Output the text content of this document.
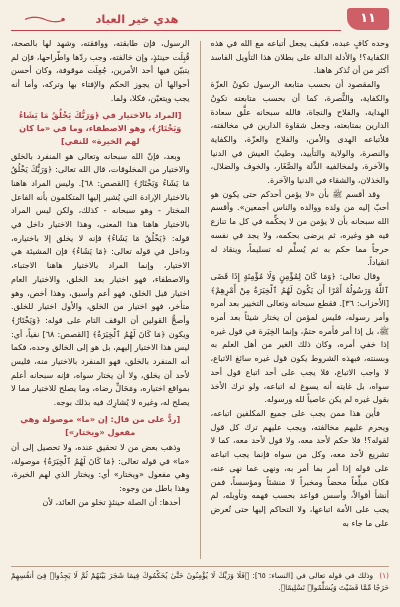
١١
هدي خير العباد

وحده كافٍ عبده، فكيف يجعل أتباعه مع الله في هذه الكفاية؟! والأدلة الدالة على بطلان هذا التأويل الفاسد أكثر من أن تُذكر هاهنا.

والمقصود أن بحسب متابعة الرسول تكونُ العزّة والكفاية، والنُّصرة، كما أن بحسب متابعته تكونُ الهداية، والفلاح والنجاة، فالله سبحانه علَّق سعادة الدارين بمتابعته، وجعل شقاوة الدارين في مخالفته، فلأتباعه الهدى والأمن، والفلاح والعزّة، والكفاية والنصرة، والولاية والتأييد، وطيبُ العيش في الدنيا والآخرة، ولمخالفيه الذِّلة والصَّغَار، والخوف والضلال، والخذلان، والشقاء في الدنيا والآخرة.

وقد أقسم ﷺ بأن «لا يؤمن أحدكم حتى يكون هو أحبّ إليه من ولده ووالده والناس أجمعين». وأقسم الله سبحانه بأن لا يؤمن من لا يحكِّمه في كل ما تنازع فيه هو وغيره، ثم يرضى بحكمه، ولا يجد في نفسه حرجاً مما حكم به ثم يُسلِّم له تسليماً، وينقاد له انقياداً.

وقال تعالى: ﴿وَمَا كَانَ لِمُؤْمِنٍ وَلَا مُؤْمِنَةٍ إِذَا قَضَى ٱللَّهُ وَرَسُولُهُ أَمْرًا أَن يَكُونَ لَهُمُ ٱلْخِيَرَةُ مِنْ أَمْرِهِمْ﴾ [الأحزاب: ٣٦]. فقطع سبحانه وتعالى التخيير بعد أمره وأمر رسوله، فليس لمؤمن أن يختار شيئاً بعد أمره ﷺ، بل إذا أمر فأمره حتمٌ، وإنما الخِيَرة في قول غيره إذا خفي أمره، وكان ذلك الغير من أهل العلم به وبسنته، فبهذه الشروط يكون قول غيره سائغ الاتباع، لا واجب الاتباع، فلا يجب على أحد اتباع قول أحد سواه، بل غايته أنه يسوغ له اتباعه، ولو ترك الأخذ بقول غيره لم يكن عاصياً لله ورسوله.

فأين هذا ممن يجب على جميع المكلفين اتباعه، ويحرم عليهم مخالفته، ويجب عليهم ترك كل قول لقوله؟! فلا حكم لأحد معه، ولا قول لأحد معه، كما لا تشريع لأحد معه، وكل من سواه فإنما يجب اتباعه على قوله إذا أمر بما أمر به، ونهى عما نهى عنه، فكان مبلِّغاً محضاً ومخبراً لا منشئاً ومؤسساً، فمن أنشأ أقوالاً، وأسس قواعد بحسب فهمه وتأويله، لم يجب على الأمة اتباعها، ولا التحاكم إليها حتى تُعرض على ما جاء به

الرسول، فإن طابقته، ووافقته، وشهد لها بالصحة، قُبِلَت حينئذٍ، وإن خالفته، وجب ردّها واطّراحها، فإن لم يتبيّن فيها أحد الأمرين، جُعِلَت موقوفة، وكان أحسن أحوالها أن يجوز الحكم والإفتاء بها وتركه، وأما أنه يجب ويتعيّن، فكلا، ولما.

[المراد بالاختيار في ﴿وَرَبُّكَ يَخْلُقُ مَا يَشَاءُ وَيَخْتَارُ﴾، وهو الاصطفاء، وما في «ما كان لهم الخيرة» للنفي]

وبعد، فإنّ الله سبحانه وتعالى هو المنفرد بالخلق والاختيار من المخلوقات، قال الله تعالى: ﴿وَرَبُّكَ يَخْلُقُ مَا يَشَاءُ وَيَخْتَارُ﴾ [القصص: ٦٨]. وليس المراد هاهنا بالاختيار الإرادة التي يُشير إليها المتكلمون بأنه الفاعل المختار - وهو سبحانه - كذلك، ولكن ليس المراد بالاختيار هاهنا هذا المعنى، وهذا الاختيار داخل في قوله: ﴿يَخْلُقُ مَا يَشَاءُ﴾ فإنه لا يخلق إلا باختياره، وداخل في قوله تعالى: ﴿مَا يَشَاءُ﴾ فإن المشيئة هي الاختيار، وإنما المراد بالاختيار هاهنا الاجتباء، والاصطفاء، فهو اختيار بعد الخلق، والاختيار العام اختيار قبل الخلق، فهو أعم وأسبق، وهذا أخص، وهو متأخر، فهو اختيار من الخلق، والأول اختيار للخلق. وأصحُّ القولين أن الوقف التام على قوله: ﴿وَيَخْتَارُ﴾ ويكون ﴿مَا كَانَ لَهُمُ ٱلْخِيَرَةُ﴾ [القصص: ٦٨] نفياً، أي: ليس هذا الاختيار إليهم، بل هو إلى الخالق وحده، فكما أنه المنفرد بالخلق، فهو المنفرد بالاختيار منه، فليس لأحد أن يخلق، ولا أن يختار سواه، فإنه سبحانه أعلم بمواقع اختياره، ومَحَالِّ رضاه، وما يصلح للاختيار مما لا يصلح له، وغيره لا يُشارِك فيه بذلك بوجه.

[ردٌّ على من قال: إن «ما» موصولة وهي مفعول «ويختار»]

وذهب بعض من لا تحقيق عنده، ولا تحصيل إلى أن «ما» في قوله تعالى: ﴿مَا كَانَ لَهُمُ ٱلْخِيَرَةُ﴾ موصولة، وهي مفعول «ويختار» أي: ويختار الذي لهم الخيرة، وهذا باطل من وجوه:

أحدها: أن الصلة حينئذٍ تخلو من العائد، لأن

(١) وذلك في قوله تعالى في [النساء: ٦٥]: ﴿فَلَا وَرَبِّكَ لَا يُؤْمِنُونَ حَتَّىٰ يُحَكِّمُوكَ فِيمَا شَجَرَ بَيْنَهُمْ ثُمَّ لَا يَجِدُوا۟ فِىٓ أَنفُسِهِمْ حَرَجًا مِّمَّا قَضَيْتَ وَيُسَلِّمُوا۟ تَسْلِيمًا﴾.
